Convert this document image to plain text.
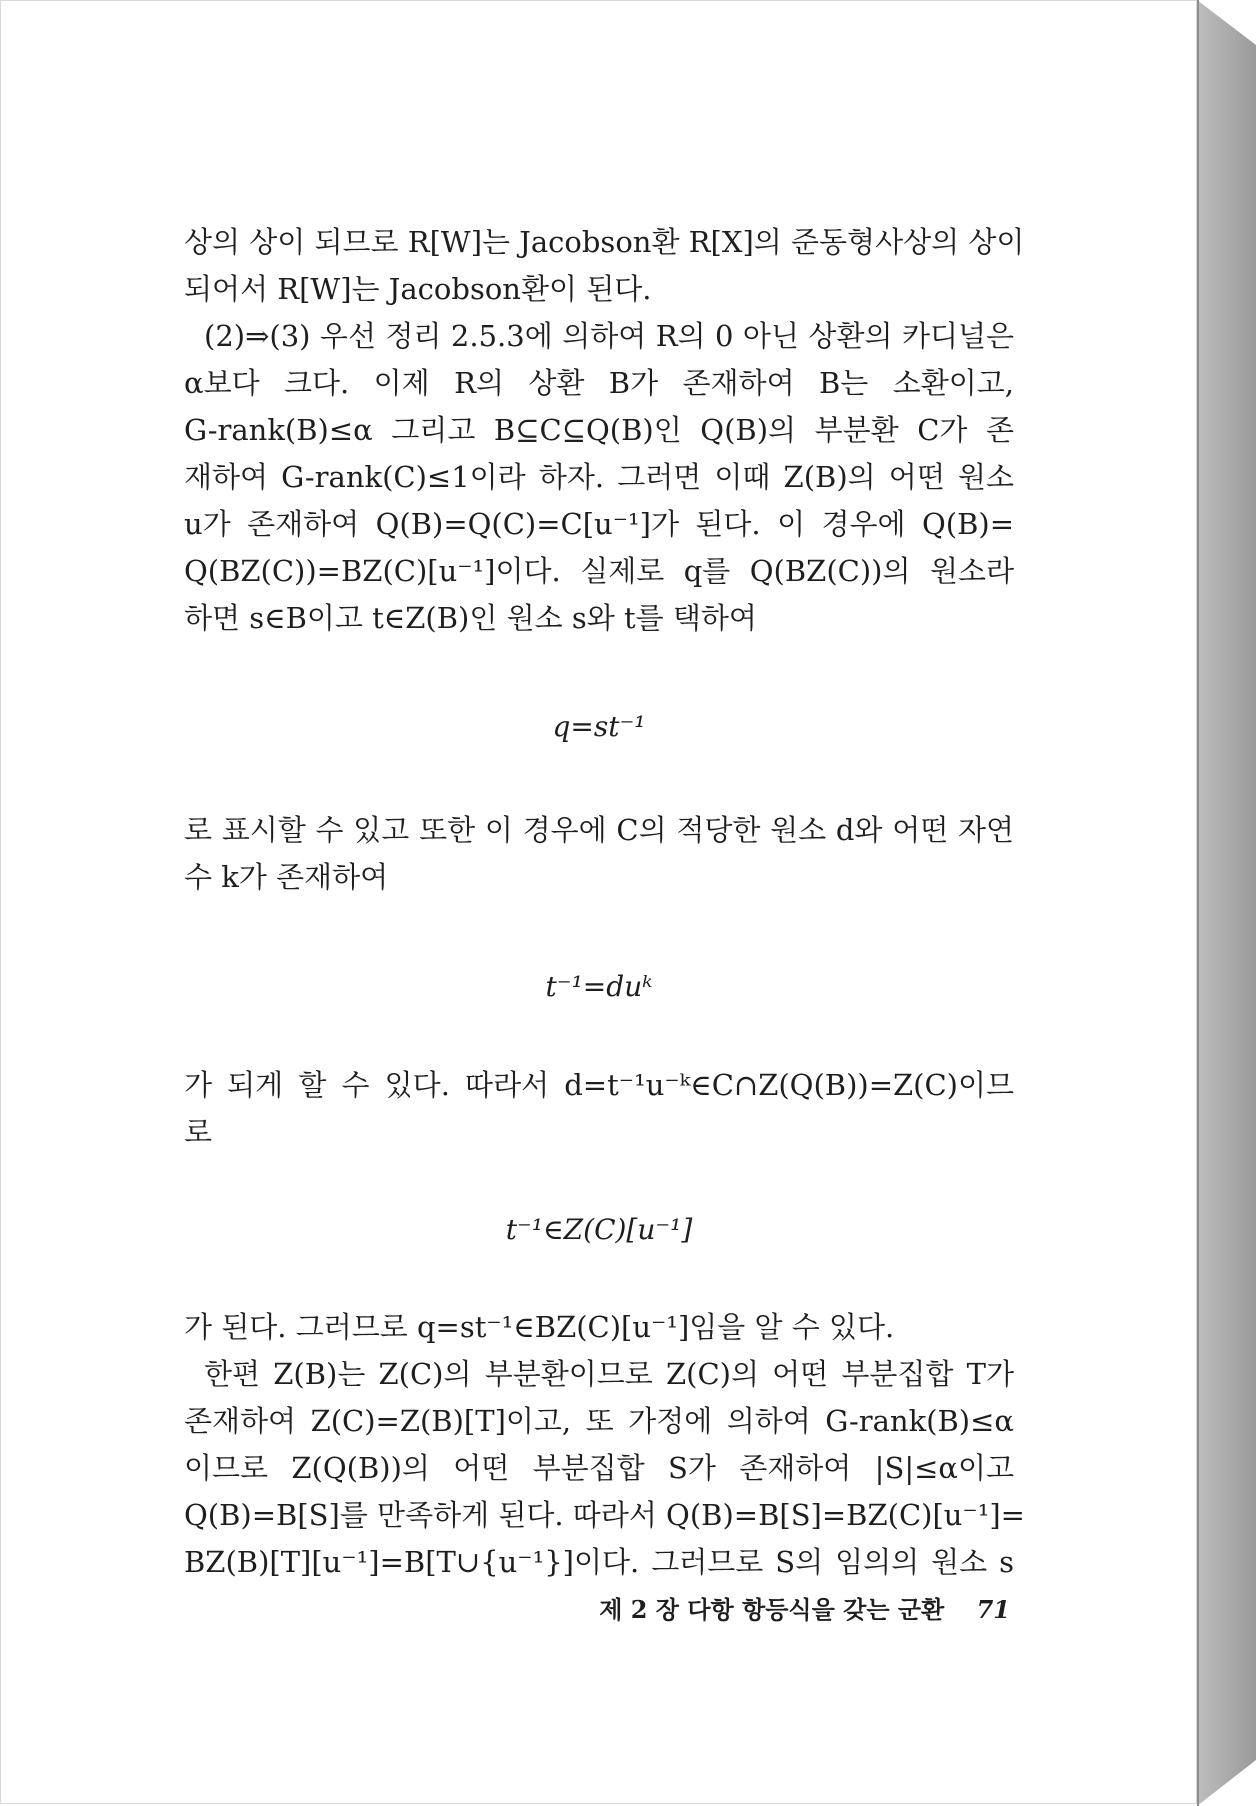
상의 상이 되므로 R[W]는 Jacobson환 R[X]의 준동형사상의 상이
되어서 R[W]는 Jacobson환이 된다.
(2)⇒(3) 우선 정리 2.5.3에 의하여 R의 0 아닌 상환의 카디널은
α보다 크다. 이제 R의 상환 B가 존재하여 B는 소환이고,
G-rank(B)≤α 그리고 B⊆C⊆Q(B)인 Q(B)의 부분환 C가 존
재하여 G-rank(C)≤1이라 하자. 그러면 이때 Z(B)의 어떤 원소
u가 존재하여 Q(B)=Q(C)=C[u⁻¹]가 된다. 이 경우에 Q(B)=
Q(BZ(C))=BZ(C)[u⁻¹]이다. 실제로 q를 Q(BZ(C))의 원소라
하면 s∈B이고 t∈Z(B)인 원소 s와 t를 택하여
q=st⁻¹
로 표시할 수 있고 또한 이 경우에 C의 적당한 원소 d와 어떤 자연
수 k가 존재하여
t⁻¹=duᵏ
가 되게 할 수 있다. 따라서 d=t⁻¹u⁻ᵏ∈C∩Z(Q(B))=Z(C)이므
로
t⁻¹∈Z(C)[u⁻¹]
가 된다. 그러므로 q=st⁻¹∈BZ(C)[u⁻¹]임을 알 수 있다.
한편 Z(B)는 Z(C)의 부분환이므로 Z(C)의 어떤 부분집합 T가
존재하여 Z(C)=Z(B)[T]이고, 또 가정에 의하여 G-rank(B)≤α
이므로 Z(Q(B))의 어떤 부분집합 S가 존재하여 |S|≤α이고
Q(B)=B[S]를 만족하게 된다. 따라서 Q(B)=B[S]=BZ(C)[u⁻¹]=
BZ(B)[T][u⁻¹]=B[T∪{u⁻¹}]이다. 그러므로 S의 임의의 원소 s
제 2 장 다항 항등식을 갖는 군환 71
